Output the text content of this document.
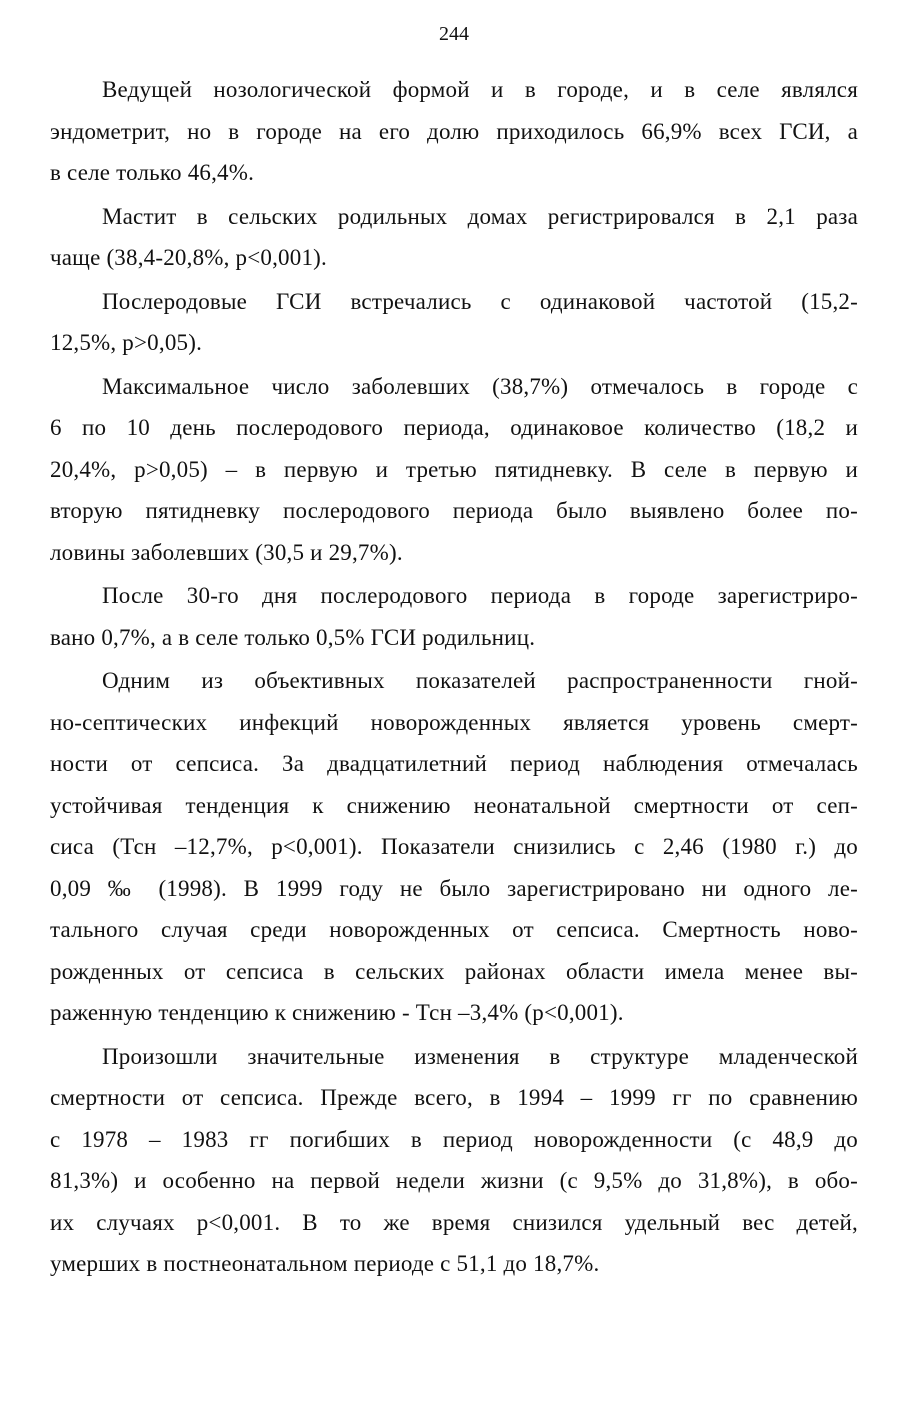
244
Ведущей нозологической формой и в городе, и в селе являлся
эндометрит, но в городе на его долю приходилось 66,9% всех ГСИ, а
в селе только 46,4%.
Мастит в сельских родильных домах регистрировался в 2,1 раза
чаще (38,4-20,8%, p<0,001).
Послеродовые ГСИ встречались с одинаковой частотой (15,2-
12,5%, p>0,05).
Максимальное число заболевших (38,7%) отмечалось в городе с
6 по 10 день послеродового периода, одинаковое количество (18,2 и
20,4%, p>0,05) – в первую и третью пятидневку. В селе в первую и
вторую пятидневку послеродового периода было выявлено более по-
ловины заболевших (30,5 и 29,7%).
После 30-го дня послеродового периода в городе зарегистриро-
вано 0,7%, а в селе только 0,5% ГСИ родильниц.
Одним из объективных показателей распространенности гной-
но-септических инфекций новорожденных является уровень смерт-
ности от сепсиса. За двадцатилетний период наблюдения отмечалась
устойчивая тенденция к снижению неонатальной смертности от сеп-
сиса (Тсн –12,7%, p<0,001). Показатели снизились с 2,46 (1980 г.) до
0,09 ‰ (1998). В 1999 году не было зарегистрировано ни одного ле-
тального случая среди новорожденных от сепсиса. Смертность ново-
рожденных от сепсиса в сельских районах области имела менее вы-
раженную тенденцию к снижению - Тсн –3,4% (p<0,001).
Произошли значительные изменения в структуре младенческой
смертности от сепсиса. Прежде всего, в 1994 – 1999 гг по сравнению
с 1978 – 1983 гг погибших в период новорожденности (с 48,9 до
81,3%) и особенно на первой недели жизни (с 9,5% до 31,8%), в обо-
их случаях p<0,001. В то же время снизился удельный вес детей,
умерших в постнеонатальном периоде с 51,1 до 18,7%.
